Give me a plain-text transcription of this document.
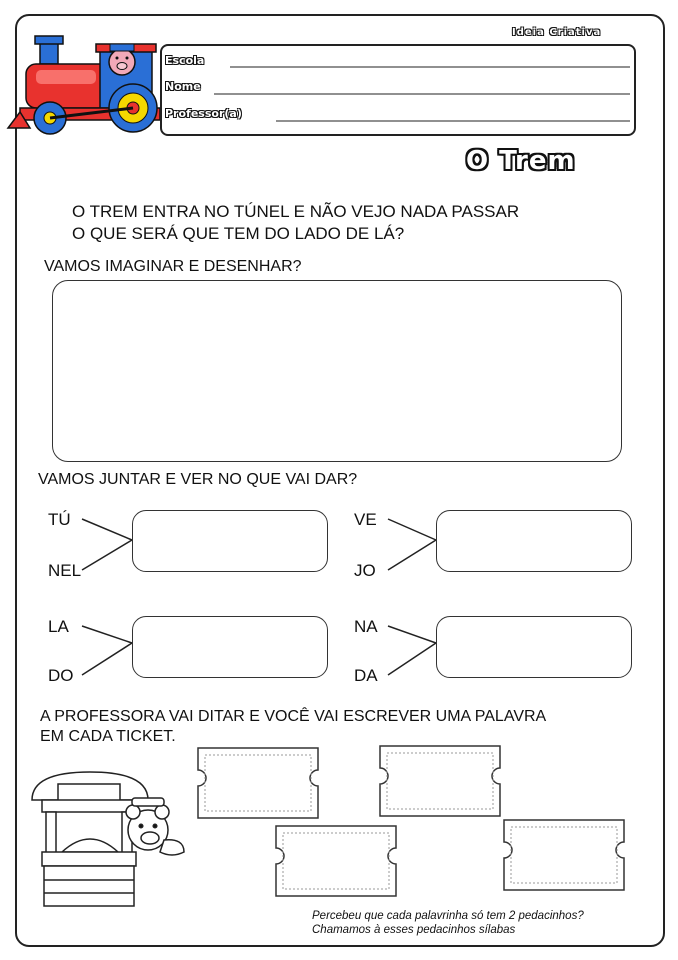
Ideia Criativa
Escola
Nome
Professor(a)
O Trem
O TREM ENTRA NO TÚNEL E NÃO VEJO NADA PASSAR
O QUE SERÁ QUE TEM DO LADO DE LÁ?
VAMOS IMAGINAR E DESENHAR?
VAMOS JUNTAR E VER NO QUE VAI DAR?
TÚ
NEL
VE
JO
LA
DO
NA
DA
A PROFESSORA VAI DITAR E VOCÊ VAI ESCREVER UMA PALAVRA
EM CADA TICKET.
Percebeu que cada palavrinha só tem 2 pedacinhos?
Chamamos à esses pedacinhos sílabas
